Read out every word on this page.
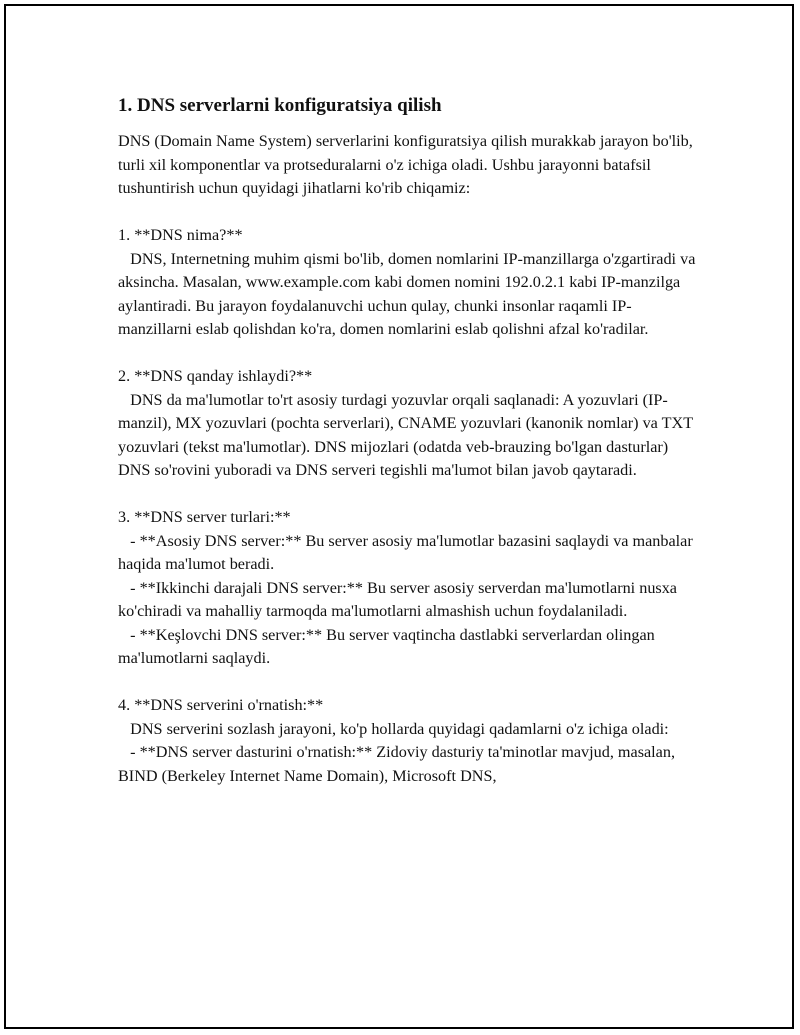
1. DNS serverlarni konfiguratsiya qilish

DNS (Domain Name System) serverlarini konfiguratsiya qilish murakkab jarayon bo'lib, turli xil komponentlar va protseduralarni o'z ichiga oladi. Ushbu jarayonni batafsil tushuntirish uchun quyidagi jihatlarni ko'rib chiqamiz:

1. **DNS nima?**

DNS, Internetning muhim qismi bo'lib, domen nomlarini IP-manzillarga o'zgartiradi va aksincha. Masalan, www.example.com kabi domen nomini 192.0.2.1 kabi IP-manzilga aylantiradi. Bu jarayon foydalanuvchi uchun qulay, chunki insonlar raqamli IP-manzillarni eslab qolishdan ko'ra, domen nomlarini eslab qolishni afzal ko'radilar.

2. **DNS qanday ishlaydi?**

DNS da ma'lumotlar to'rt asosiy turdagi yozuvlar orqali saqlanadi: A yozuvlari (IP-manzil), MX yozuvlari (pochta serverlari), CNAME yozuvlari (kanonik nomlar) va TXT yozuvlari (tekst ma'lumotlar). DNS mijozlari (odatda veb-brauzing bo'lgan dasturlar) DNS so'rovini yuboradi va DNS serveri tegishli ma'lumot bilan javob qaytaradi.

3. **DNS server turlari:**

- **Asosiy DNS server:** Bu server asosiy ma'lumotlar bazasini saqlaydi va manbalar haqida ma'lumot beradi.

- **Ikkinchi darajali DNS server:** Bu server asosiy serverdan ma'lumotlarni nusxa ko'chiradi va mahalliy tarmoqda ma'lumotlarni almashish uchun foydalaniladi.

- **Keşlovchi DNS server:** Bu server vaqtincha dastlabki serverlardan olingan ma'lumotlarni saqlaydi.

4. **DNS serverini o'rnatish:**

DNS serverini sozlash jarayoni, ko'p hollarda quyidagi qadamlarni o'z ichiga oladi:

- **DNS server dasturini o'rnatish:** Zidoviy dasturiy ta'minotlar mavjud, masalan, BIND (Berkeley Internet Name Domain), Microsoft DNS,
